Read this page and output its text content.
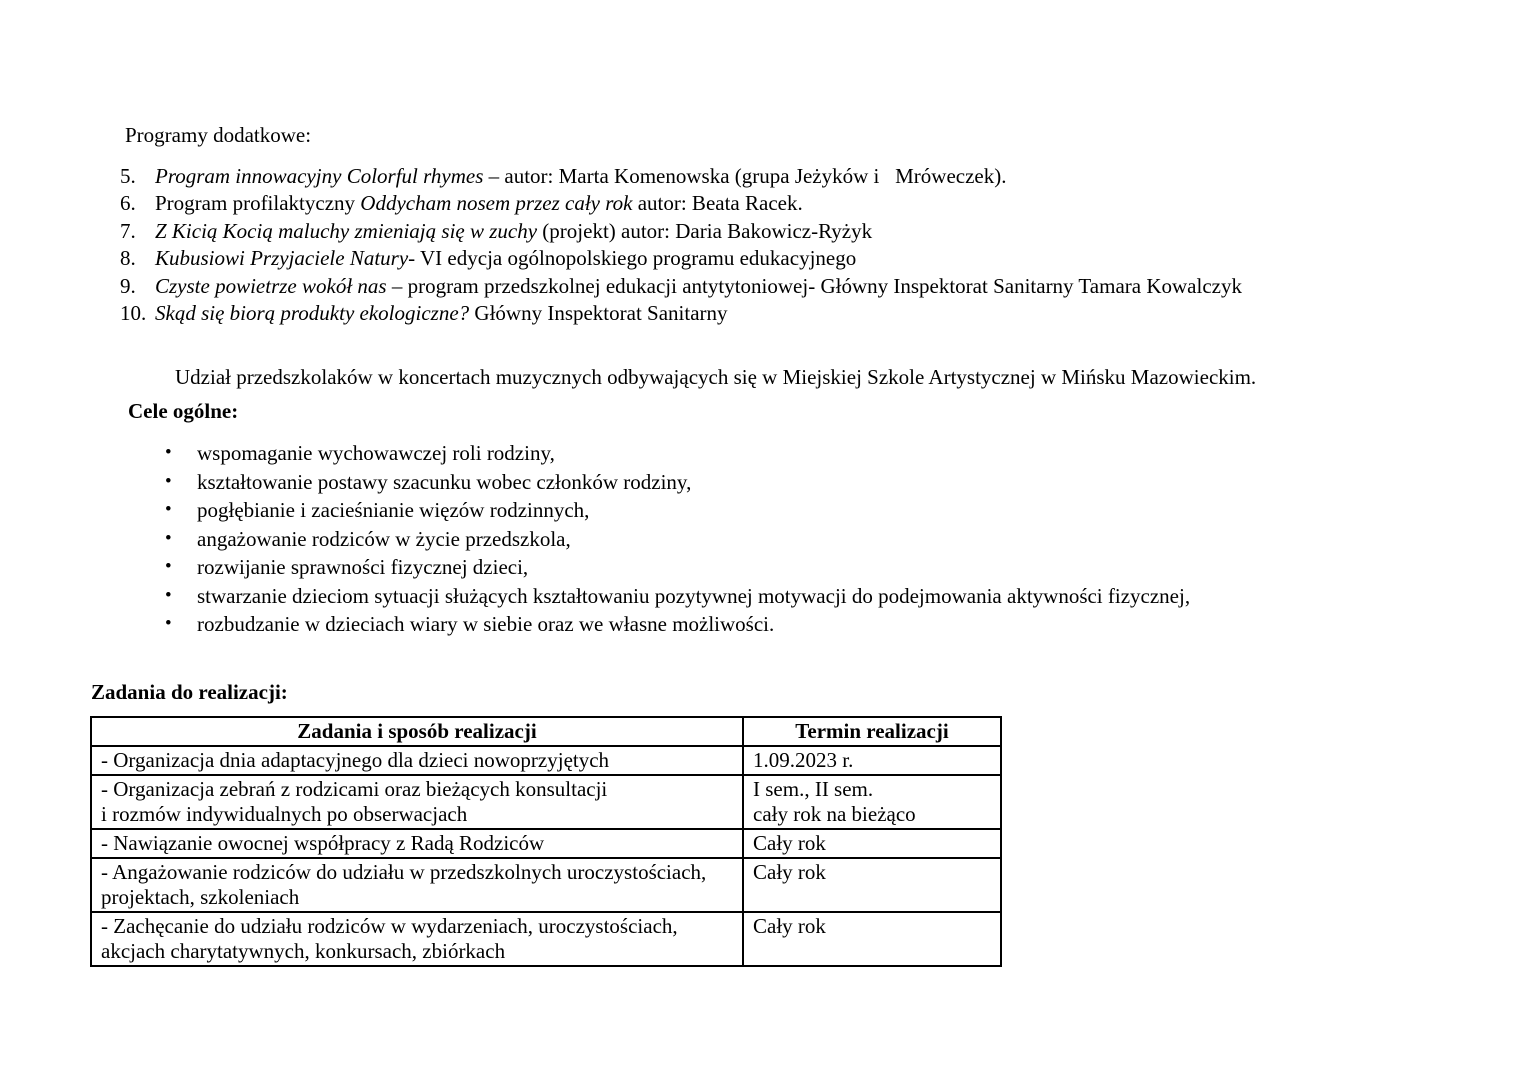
Programy dodatkowe:
5. Program innowacyjny Colorful rhymes – autor: Marta Komenowska (grupa Jeżyków i   Mróweczek).
6. Program profilaktyczny Oddycham nosem przez cały rok autor: Beata Racek.
7. Z Kicią Kocią maluchy zmieniają się w zuchy (projekt) autor: Daria Bakowicz-Ryżyk
8. Kubusiowi Przyjaciele Natury- VI edycja ogólnopolskiego programu edukacyjnego
9. Czyste powietrze wokół nas – program przedszkolnej edukacji antytytoniowej- Główny Inspektorat Sanitarny Tamara Kowalczyk
10. Skąd się biorą produkty ekologiczne? Główny Inspektorat Sanitarny
Udział przedszkolaków w koncertach muzycznych odbywających się w Miejskiej Szkole Artystycznej w Mińsku Mazowieckim.
Cele ogólne:
•	wspomaganie wychowawczej roli rodziny,
•	kształtowanie postawy szacunku wobec członków rodziny,
•	pogłębianie i zacieśnianie więzów rodzinnych,
•	angażowanie rodziców w życie przedszkola,
•	rozwijanie sprawności fizycznej dzieci,
•	stwarzanie dzieciom sytuacji służących kształtowaniu pozytywnej motywacji do podejmowania aktywności fizycznej,
•	rozbudzanie w dzieciach wiary w siebie oraz we własne możliwości.
Zadania do realizacji:
Zadania i sposób realizacji	Termin realizacji
- Organizacja dnia adaptacyjnego dla dzieci nowoprzyjętych	1.09.2023 r.
- Organizacja zebrań z rodzicami oraz bieżących konsultacji
i rozmów indywidualnych po obserwacjach	I sem., II sem.
cały rok na bieżąco
- Nawiązanie owocnej współpracy z Radą Rodziców	Cały rok
- Angażowanie rodziców do udziału w przedszkolnych uroczystościach,
projektach, szkoleniach	Cały rok
- Zachęcanie do udziału rodziców w wydarzeniach, uroczystościach,
akcjach charytatywnych, konkursach, zbiórkach	Cały rok
